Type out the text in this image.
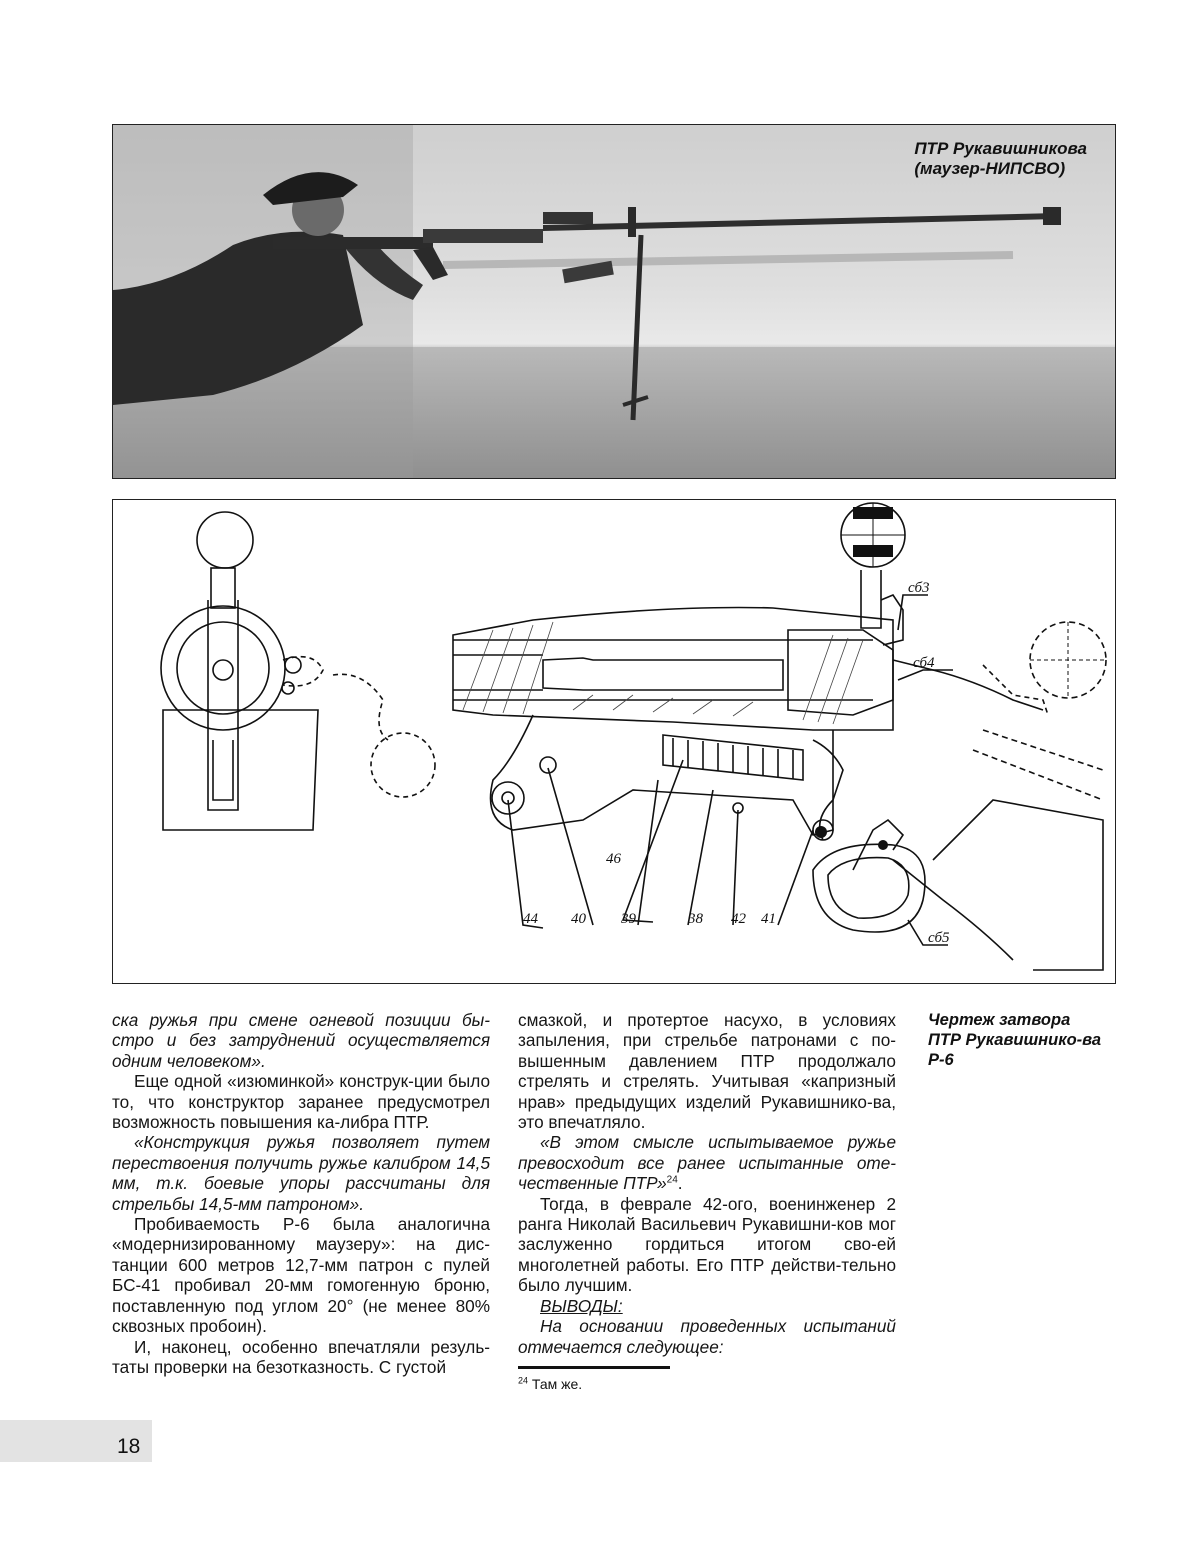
ПТР Рукавишникова
(маузер-НИПСВО)
44 40 39	38 42 41
46
сб3
сб4
сб5

ска ружья при смене огневой позиции бы-стро и без затруднений осуществляется одним человеком».

Еще одной «изюминкой» конструк-ции было то, что конструктор заранее предусмотрел возможность повышения ка-либра ПТР.

«Конструкция ружья позволяет путем перествоения получить ружье калибром 14,5 мм, т.к. боевые упоры рассчитаны для стрельбы 14,5-мм патроном».

Пробиваемость Р-6 была аналогична «модернизированному маузеру»: на дис-танции 600 метров 12,7-мм патрон с пулей БС-41 пробивал 20-мм гомогенную броню, поставленную под углом 20° (не менее 80% сквозных пробоин).

И, наконец, особенно впечатляли резуль-таты проверки на безотказность. С густой

смазкой, и протертое насухо, в условиях запыления, при стрельбе патронами с по-вышенным давлением ПТР продолжало стрелять и стрелять. Учитывая «капризный нрав» предыдущих изделий Рукавишнико-ва, это впечатляло.

«В этом смысле испытываемое ружье превосходит все ранее испытанные оте-чественные ПТР»$^{24}$.

Тогда, в феврале 42-ого, военинженер 2 ранга Николай Васильевич Рукавишни-ков мог заслуженно гордиться итогом сво-ей многолетней работы. Его ПТР действи-тельно было лучшим.

ВЫВОДЫ:

На основании проведенных испытаний отмечается следующее:

Чертеж затвора ПТР Рукавишнико-ва Р-6
$^{24}$ Там же.
18
